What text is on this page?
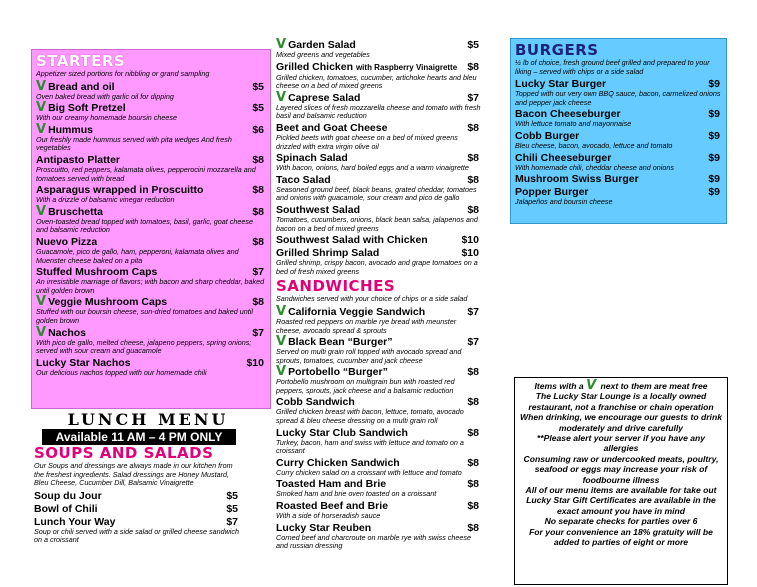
STARTERS
Appetizer sized portions for nibbling or grand sampling
V Bread and oil	$5
Oven baked bread with garlic oil for dipping
V Big Soft Pretzel	$5
With our creamy homemade boursin cheese
V Hummus	$6
Our freshly made hummus served with pita wedges And fresh vegetables
Antipasto Platter	$8
Proscuitto, red peppers, kalamata olives, pepperocini mozzarella and tomatoes served with bread
Asparagus wrapped in Proscuitto	$8
With a drizzle of balsamic vinegar reduction
V Bruschetta	$8
Oven-toasted bread topped with tomatoes, basil, garlic, goat cheese and balsamic reduction
Nuevo Pizza	$8
Guacamole, pico de gallo, ham, pepperoni, kalamata olives and Muenster cheese baked on a pita
Stuffed Mushroom Caps	$7
An irresistible marriage of flavors; with bacon and sharp cheddar, baked until golden brown
V Veggie Mushroom Caps	$8
Stuffed with our boursin cheese, sun-dried tomatoes and baked until golden brown
V Nachos	$7
With pico de gallo, melted cheese, jalapeno peppers, spring onions; served with sour cream and guacamole
Lucky Star Nachos	$10
Our delicious nachos topped with our homemade chili
LUNCH MENU
Available 11 AM – 4 PM ONLY
SOUPS AND SALADS
Our Soups and dressings are always made in our kitchen from the freshest ingredients. Salad dressings are Honey Mustard, Bleu Cheese, Cucumber Dill, Balsamic Vinaigrette
Soup du Jour	$5
Bowl of Chili	$5
Lunch Your Way	$7
Soup or chili served with a side salad or grilled cheese sandwich on a croissant
V Garden Salad	$5
Mixed greens and vegetables
Grilled Chicken with Raspberry Vinaigrette $8
Grilled chicken, tomatoes, cucumber, artichoke hearts and bleu cheese on a bed of mixed greens
V Caprese Salad	$7
Layered slices of fresh mozzarella cheese and tomato with fresh basil and balsamic reduction
Beet and Goat Cheese	$8
Pickled beets with goat cheese on a bed of mixed greens drizzled with extra virgin olive oil
Spinach Salad	$8
With bacon, onions, hard boiled eggs and a warm vinaigrette
Taco Salad	$8
Seasoned ground beef, black beans, grated cheddar, tomatoes and onions with guacamole, sour cream and pico de gallo
Southwest Salad	$8
Tomatoes, cucumbers, onions, black bean salsa, jalapenos and bacon on a bed of mixed greens
Southwest Salad with Chicken	$10
Grilled Shrimp Salad	$10
Grilled shrimp, crispy bacon, avocado and grape tomatoes on a bed of fresh mixed greens
SANDWICHES
Sandwiches served with your choice of chips or a side salad
V California Veggie Sandwich	$7
Roasted red peppers on marble rye bread with meunster cheese, avocado spread & sprouts
V Black Bean “Burger”	$7
Served on multi grain roll topped with avocado spread and sprouts, tomatoes, cucumber and jack cheese
V Portobello “Burger”	$8
Portobello mushroom on multigrain bun with roasted red peppers, sprouts, jack cheese and a balsamic reduction
Cobb Sandwich	$8
Grilled chicken breast with bacon, lettuce, tomato, avocado spread & bleu cheese dressing on a multi grain roll
Lucky Star Club Sandwich	$8
Turkey, bacon, ham and swiss with lettuce and tomato on a croissant
Curry Chicken Sandwich	$8
Curry chicken salad on a croissant with lettuce and tomato
Toasted Ham and Brie	$8
Smoked ham and brie oven toasted on a croissant
Roasted Beef and Brie	$8
With a side of horseradish sauce
Lucky Star Reuben	$8
Corned beef and charcroute on marble rye with swiss cheese and russian dressing
BURGERS
½ lb of choice, fresh ground beef grilled and prepared to your liking – served with chips or a side salad
Lucky Star Burger	$9
Topped with our very own BBQ sauce, bacon, carmelized onions and pepper jack cheese
Bacon Cheeseburger	$9
With lettuce tomato and mayonnaise
Cobb Burger	$9
Bleu cheese, bacon, avocado, lettuce and tomato
Chili Cheeseburger	$9
With homemade chili, cheddar cheese and onions
Mushroom Swiss Burger	$9
Popper Burger	$9
Jalapeños and boursin cheese

Items with a V next to them are meat free

The Lucky Star Lounge is a locally owned restaurant, not a franchise or chain operation

When drinking, we encourage our guests to drink moderately and drive carefully

**Please alert your server if you have any allergies

Consuming raw or undercooked meats, poultry, seafood or eggs may increase your risk of foodbourne illness

All of our menu items are available for take out

Lucky Star Gift Certificates are available in the exact amount you have in mind

No separate checks for parties over 6

For your convenience an 18% gratuity will be added to parties of eight or more
